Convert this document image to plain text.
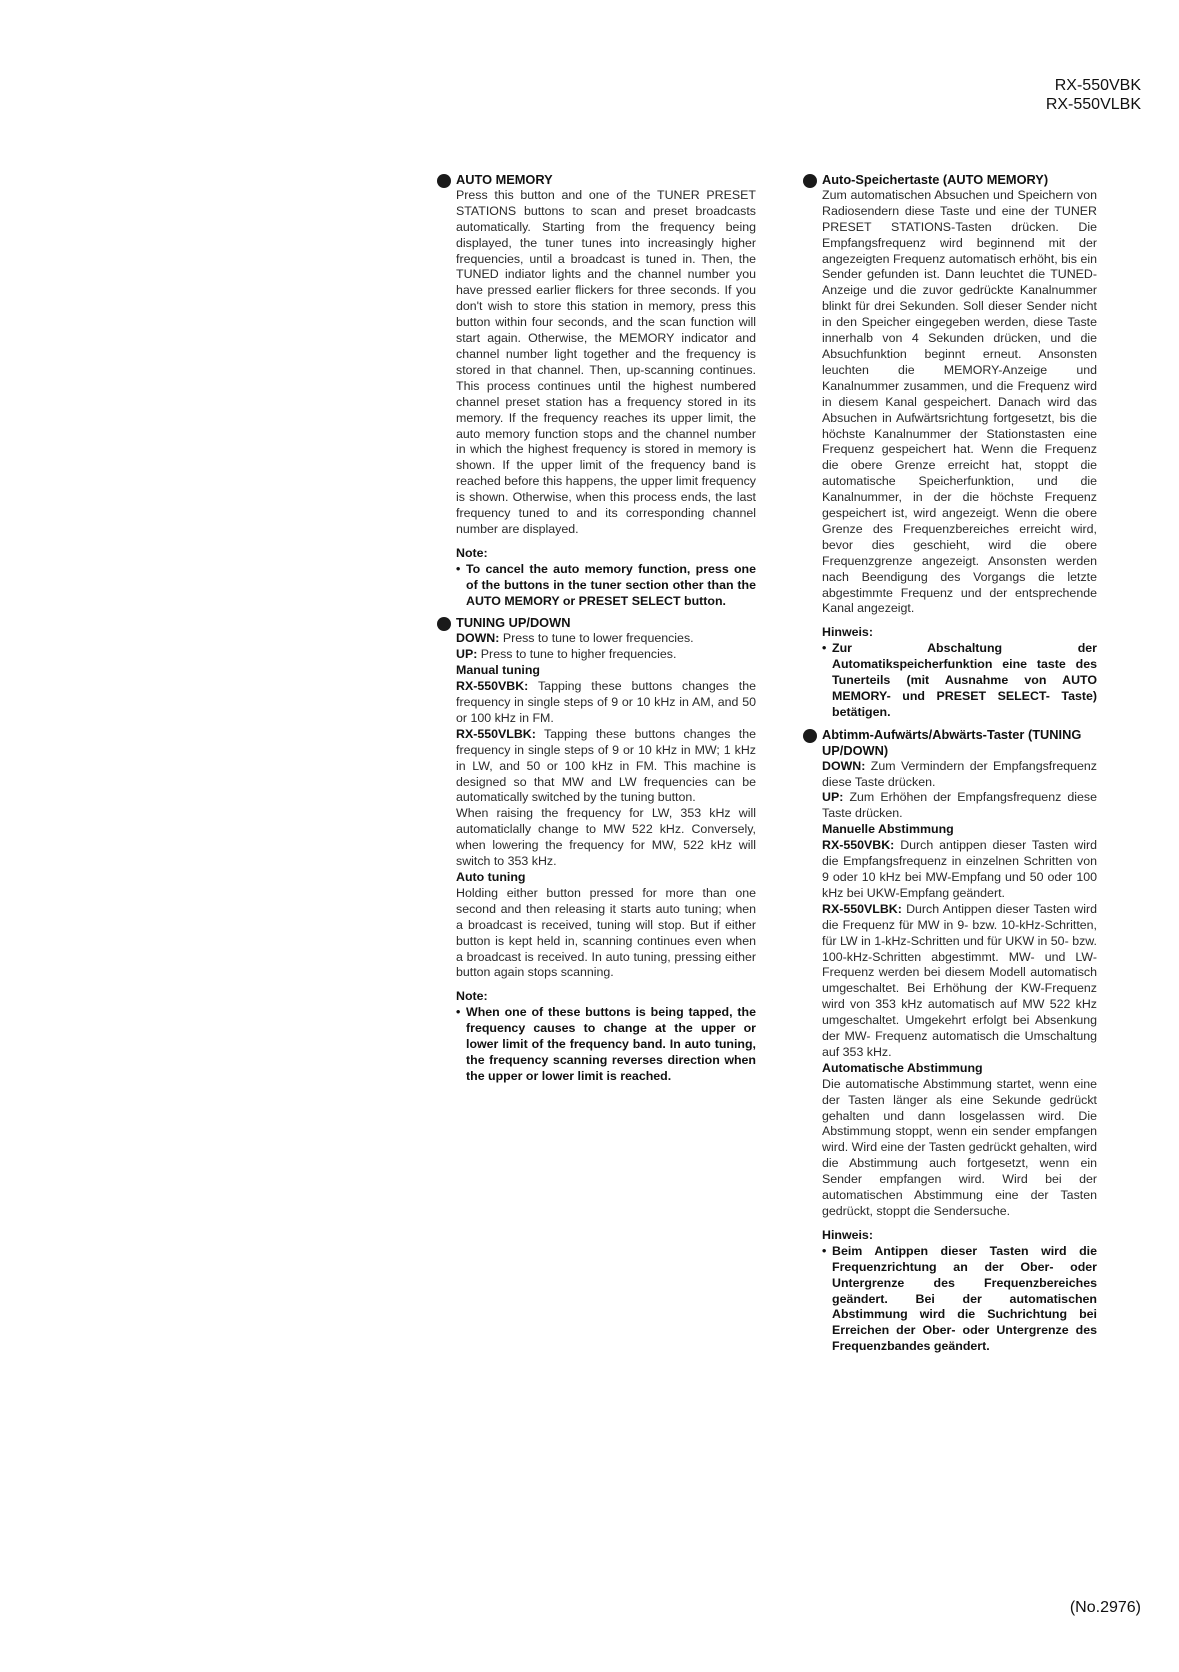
RX-550VBK
RX-550VLBK
AUTO MEMORY
Press this button and one of the TUNER PRESET STATIONS buttons to scan and preset broadcasts automatically. Starting from the frequency being displayed, the tuner tunes into increasingly higher frequencies, until a broadcast is tuned in. Then, the TUNED indiator lights and the channel number you have pressed earlier flickers for three seconds. If you don't wish to store this station in memory, press this button within four seconds, and the scan function will start again. Otherwise, the MEMORY indicator and channel number light together and the frequency is stored in that channel. Then, up-scanning continues. This process continues until the highest numbered channel preset station has a frequency stored in its memory. If the frequency reaches its upper limit, the auto memory function stops and the channel number in which the highest frequency is stored in memory is shown. If the upper limit of the frequency band is reached before this happens, the upper limit frequency is shown. Otherwise, when this process ends, the last frequency tuned to and its corresponding channel number are displayed.
Note:
• To cancel the auto memory function, press one of the buttons in the tuner section other than the AUTO MEMORY or PRESET SELECT button.
TUNING UP/DOWN
DOWN: Press to tune to lower frequencies.
UP: Press to tune to higher frequencies.
Manual tuning
RX-550VBK: Tapping these buttons changes the frequency in single steps of 9 or 10 kHz in AM, and 50 or 100 kHz in FM.
RX-550VLBK: Tapping these buttons changes the frequency in single steps of 9 or 10 kHz in MW; 1 kHz in LW, and 50 or 100 kHz in FM. This machine is designed so that MW and LW frequencies can be automatically switched by the tuning button.
When raising the frequency for LW, 353 kHz will automaticlally change to MW 522 kHz. Conversely, when lowering the frequency for MW, 522 kHz will switch to 353 kHz.
Auto tuning
Holding either button pressed for more than one second and then releasing it starts auto tuning; when a broadcast is received, tuning will stop. But if either button is kept held in, scanning continues even when a broadcast is received. In auto tuning, pressing either button again stops scanning.
Note:
• When one of these buttons is being tapped, the frequency causes to change at the upper or lower limit of the frequency band. In auto tuning, the frequency scanning reverses direction when the upper or lower limit is reached.
Auto-Speichertaste (AUTO MEMORY)
Zum automatischen Absuchen und Speichern von Radiosendern diese Taste und eine der TUNER PRESET STATIONS-Tasten drücken. Die Empfangsfrequenz wird beginnend mit der angezeigten Frequenz automatisch erhöht, bis ein Sender gefunden ist. Dann leuchtet die TUNED-Anzeige und die zuvor gedrückte Kanalnummer blinkt für drei Sekunden. Soll dieser Sender nicht in den Speicher eingegeben werden, diese Taste innerhalb von 4 Sekunden drücken, und die Absuchfunktion beginnt erneut. Ansonsten leuchten die MEMORY-Anzeige und Kanalnummer zusammen, und die Frequenz wird in diesem Kanal gespeichert. Danach wird das Absuchen in Aufwärtsrichtung fortgesetzt, bis die höchste Kanalnummer der Stationstasten eine Frequenz gespeichert hat. Wenn die Frequenz die obere Grenze erreicht hat, stoppt die automatische Speicherfunktion, und die Kanalnummer, in der die höchste Frequenz gespeichert ist, wird angezeigt. Wenn die obere Grenze des Frequenzbereiches erreicht wird, bevor dies geschieht, wird die obere Frequenzgrenze angezeigt. Ansonsten werden nach Beendigung des Vorgangs die letzte abgestimmte Frequenz und der entsprechende Kanal angezeigt.
Hinweis:
• Zur Abschaltung der Automatikspeicherfunktion eine taste des Tunerteils (mit Ausnahme von AUTO MEMORY- und PRESET SELECT- Taste) betätigen.
Abtimm-Aufwärts/Abwärts-Taster (TUNING UP/DOWN)
DOWN: Zum Vermindern der Empfangsfrequenz diese Taste drücken.
UP: Zum Erhöhen der Empfangsfrequenz diese Taste drücken.
Manuelle Abstimmung
RX-550VBK: Durch antippen dieser Tasten wird die Empfangsfrequenz in einzelnen Schritten von 9 oder 10 kHz bei MW-Empfang und 50 oder 100 kHz bei UKW-Empfang geändert.
RX-550VLBK: Durch Antippen dieser Tasten wird die Frequenz für MW in 9- bzw. 10-kHz-Schritten, für LW in 1-kHz-Schritten und für UKW in 50- bzw. 100-kHz-Schritten abgestimmt. MW- und LW- Frequenz werden bei diesem Modell automatisch umgeschaltet. Bei Erhöhung der KW-Frequenz wird von 353 kHz automatisch auf MW 522 kHz umgeschaltet. Umgekehrt erfolgt bei Absenkung der MW- Frequenz automatisch die Umschaltung auf 353 kHz.
Automatische Abstimmung
Die automatische Abstimmung startet, wenn eine der Tasten länger als eine Sekunde gedrückt gehalten und dann losgelassen wird. Die Abstimmung stoppt, wenn ein sender empfangen wird. Wird eine der Tasten gedrückt gehalten, wird die Abstimmung auch fortgesetzt, wenn ein Sender empfangen wird. Wird bei der automatischen Abstimmung eine der Tasten gedrückt, stoppt die Sendersuche.
Hinweis:
• Beim Antippen dieser Tasten wird die Frequenzrichtung an der Ober- oder Untergrenze des Frequenzbereiches geändert. Bei der automatischen Abstimmung wird die Suchrichtung bei Erreichen der Ober- oder Untergrenze des Frequenzbandes geändert.
(No.2976)
